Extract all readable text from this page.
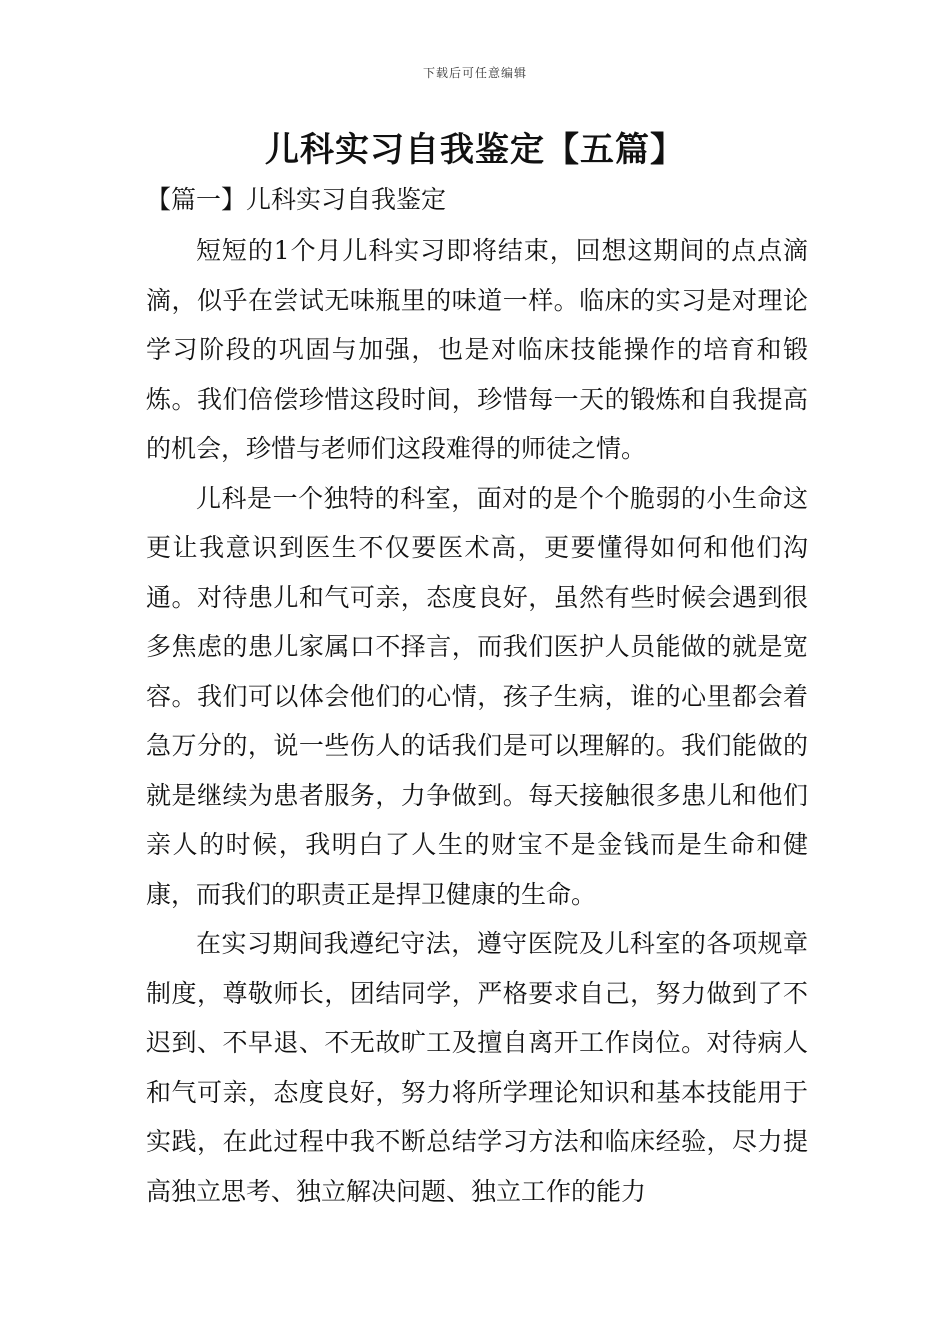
下载后可任意编辑
儿科实习自我鉴定【五篇】
【篇一】儿科实习自我鉴定

短短的1个月儿科实习即将结束，回想这期间的点点滴滴，似乎在尝试无味瓶里的味道一样。临床的实习是对理论学习阶段的巩固与加强，也是对临床技能操作的培育和锻炼。我们倍偿珍惜这段时间，珍惜每一天的锻炼和自我提高的机会，珍惜与老师们这段难得的师徒之情。

儿科是一个独特的科室，面对的是个个脆弱的小生命这更让我意识到医生不仅要医术高，更要懂得如何和他们沟通。对待患儿和气可亲，态度良好，虽然有些时候会遇到很多焦虑的患儿家属口不择言，而我们医护人员能做的就是宽容。我们可以体会他们的心情，孩子生病，谁的心里都会着急万分的，说一些伤人的话我们是可以理解的。我们能做的就是继续为患者服务，力争做到。每天接触很多患儿和他们亲人的时候，我明白了人生的财宝不是金钱而是生命和健康，而我们的职责正是捍卫健康的生命。

在实习期间我遵纪守法，遵守医院及儿科室的各项规章制度，尊敬师长，团结同学，严格要求自己，努力做到了不迟到、不早退、不无故旷工及擅自离开工作岗位。对待病人和气可亲，态度良好，努力将所学理论知识和基本技能用于实践，在此过程中我不断总结学习方法和临床经验，尽力提高独立思考、独立解决问题、独立工作的能力
